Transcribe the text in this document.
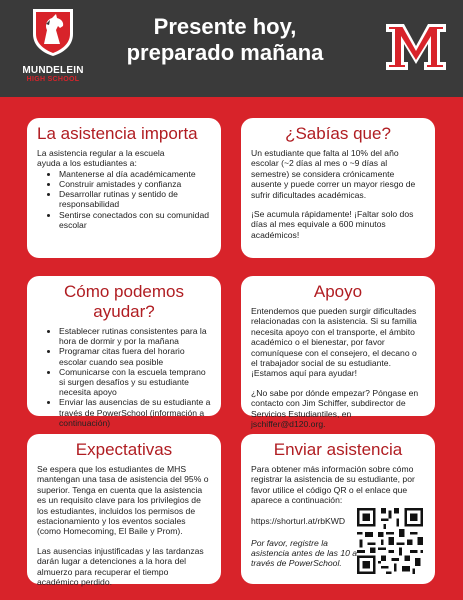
MUNDELEIN
HIGH SCHOOL
Presente hoy,
preparado mañana
La asistencia importa
La asistencia regular a la escuela ayuda a los estudiantes a:
• Mantenerse al día académicamente
• Construir amistades y confianza
• Desarrollar rutinas y sentido de responsabilidad
• Sentirse conectados con su comunidad escolar
¿Sabías que?
Un estudiante que falta al 10% del año escolar (~2 días al mes o ~9 días al semestre) se considera crónicamente ausente y puede correr un mayor riesgo de sufrir dificultades académicas.
¡Se acumula rápidamente! ¡Faltar solo dos días al mes equivale a 600 minutos académicos!
Cómo podemos ayudar?
• Establecer rutinas consistentes para la hora de dormir y por la mañana
• Programar citas fuera del horario escolar cuando sea posible
• Comunicarse con la escuela temprano si surgen desafíos y su estudiante necesita apoyo
• Enviar las ausencias de su estudiante a través de PowerSchool (información a continuación)
Apoyo
Entendemos que pueden surgir dificultades relacionadas con la asistencia. Si su familia necesita apoyo con el transporte, el ámbito académico o el bienestar, por favor comuníquese con el consejero, el decano o el trabajador social de su estudiante. ¡Estamos aquí para ayudar!
¿No sabe por dónde empezar? Póngase en contacto con Jim Schiffer, subdirector de Servicios Estudiantiles, en jschiffer@d120.org.
Expectativas
Se espera que los estudiantes de MHS mantengan una tasa de asistencia del 95% o superior. Tenga en cuenta que la asistencia es un requisito clave para los privilegios de los estudiantes, incluidos los permisos de estacionamiento y los eventos sociales (como Homecoming, El Baile y Prom).
Las ausencias injustificadas y las tardanzas darán lugar a detenciones a la hora del almuerzo para recuperar el tiempo académico perdido.
Enviar asistencia
Para obtener más información sobre cómo registrar la asistencia de su estudiante, por favor utilice el código QR o el enlace que aparece a continuación:
https://shorturl.at/rbKWD
Por favor, registre la asistencia antes de las 10 a través de PowerSchool.
